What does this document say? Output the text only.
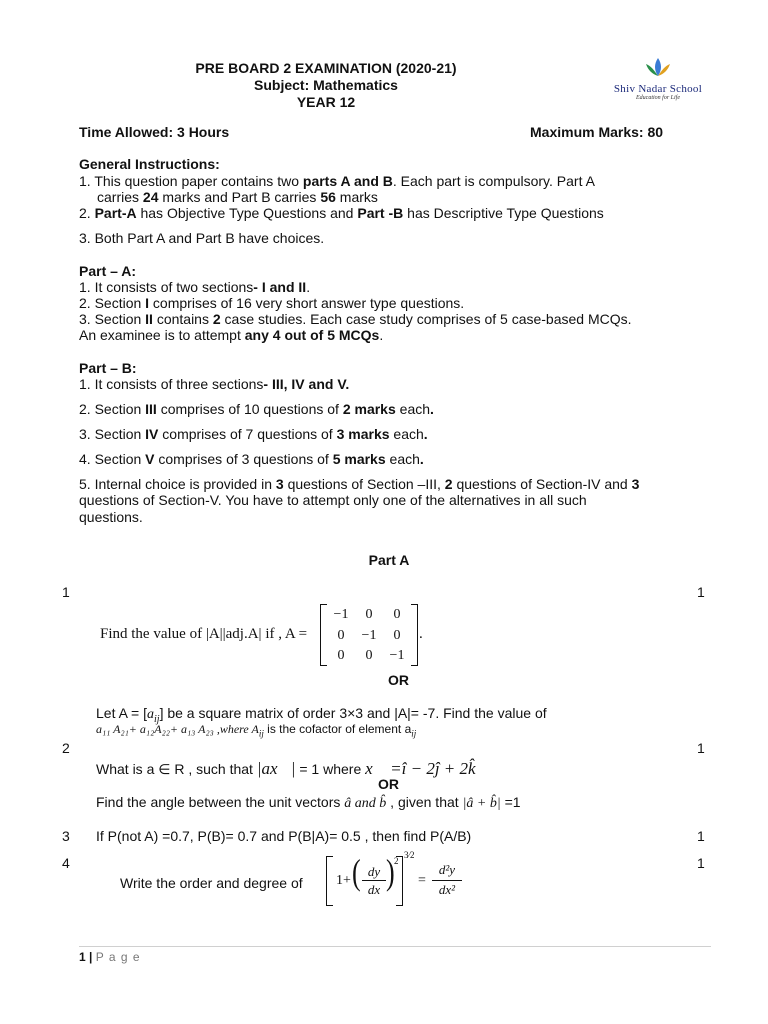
PRE BOARD 2 EXAMINATION (2020-21)
Subject: Mathematics
YEAR 12
Shiv Nadar School
Education for Life
Time Allowed: 3 Hours	Maximum Marks: 80
General Instructions:
1. This question paper contains two parts A and B. Each part is compulsory. Part A
carries 24 marks and Part B carries 56 marks
2. Part-A has Objective Type Questions and Part -B has Descriptive Type Questions
3. Both Part A and Part B have choices.
Part – A:
1. It consists of two sections- I and II.
2. Section I comprises of 16 very short answer type questions.
3. Section II contains 2 case studies. Each case study comprises of 5 case-based MCQs.
An examinee is to attempt any 4 out of 5 MCQs.
Part – B:
1. It consists of three sections- III, IV and V.
2. Section III comprises of 10 questions of 2 marks each.
3. Section IV comprises of 7 questions of 3 marks each.
4. Section V comprises of 3 questions of 5 marks each.
5. Internal choice is provided in 3 questions of Section –III, 2 questions of Section-IV and 3
questions of Section-V. You have to attempt only one of the alternatives in all such
questions.
Part A
1	1
Find the value of |A||adj.A| if , A =
−1	0	0
0	−1	0
0	0	−1
.
OR
Let $A = [a_{ij}]$ be a square matrix of order 3×3 and |A|= -7. Find the value of
a₁₁ A₂₁+ a₁₂A₂₂+ a₁₃ A₂₃ ,where $A_{ij}$ is the cofactor of element $a_{ij}$
2	1
What is a ∈ R , such that |ax⃗| = 1 where x⃗ =î − 2ĵ + 2k̂
OR
Find the angle between the unit vectors â and b̂ , given that |â + b̂| =1
3 If P(not A) =0.7, P(B)= 0.7 and P(B|A)= 0.5 , then find P(A/B)	1
4	1
Write the order and degree of 1+ ( dy
dx ) 2
3⁄2
=
d²y
dx²
1 | P a g e
